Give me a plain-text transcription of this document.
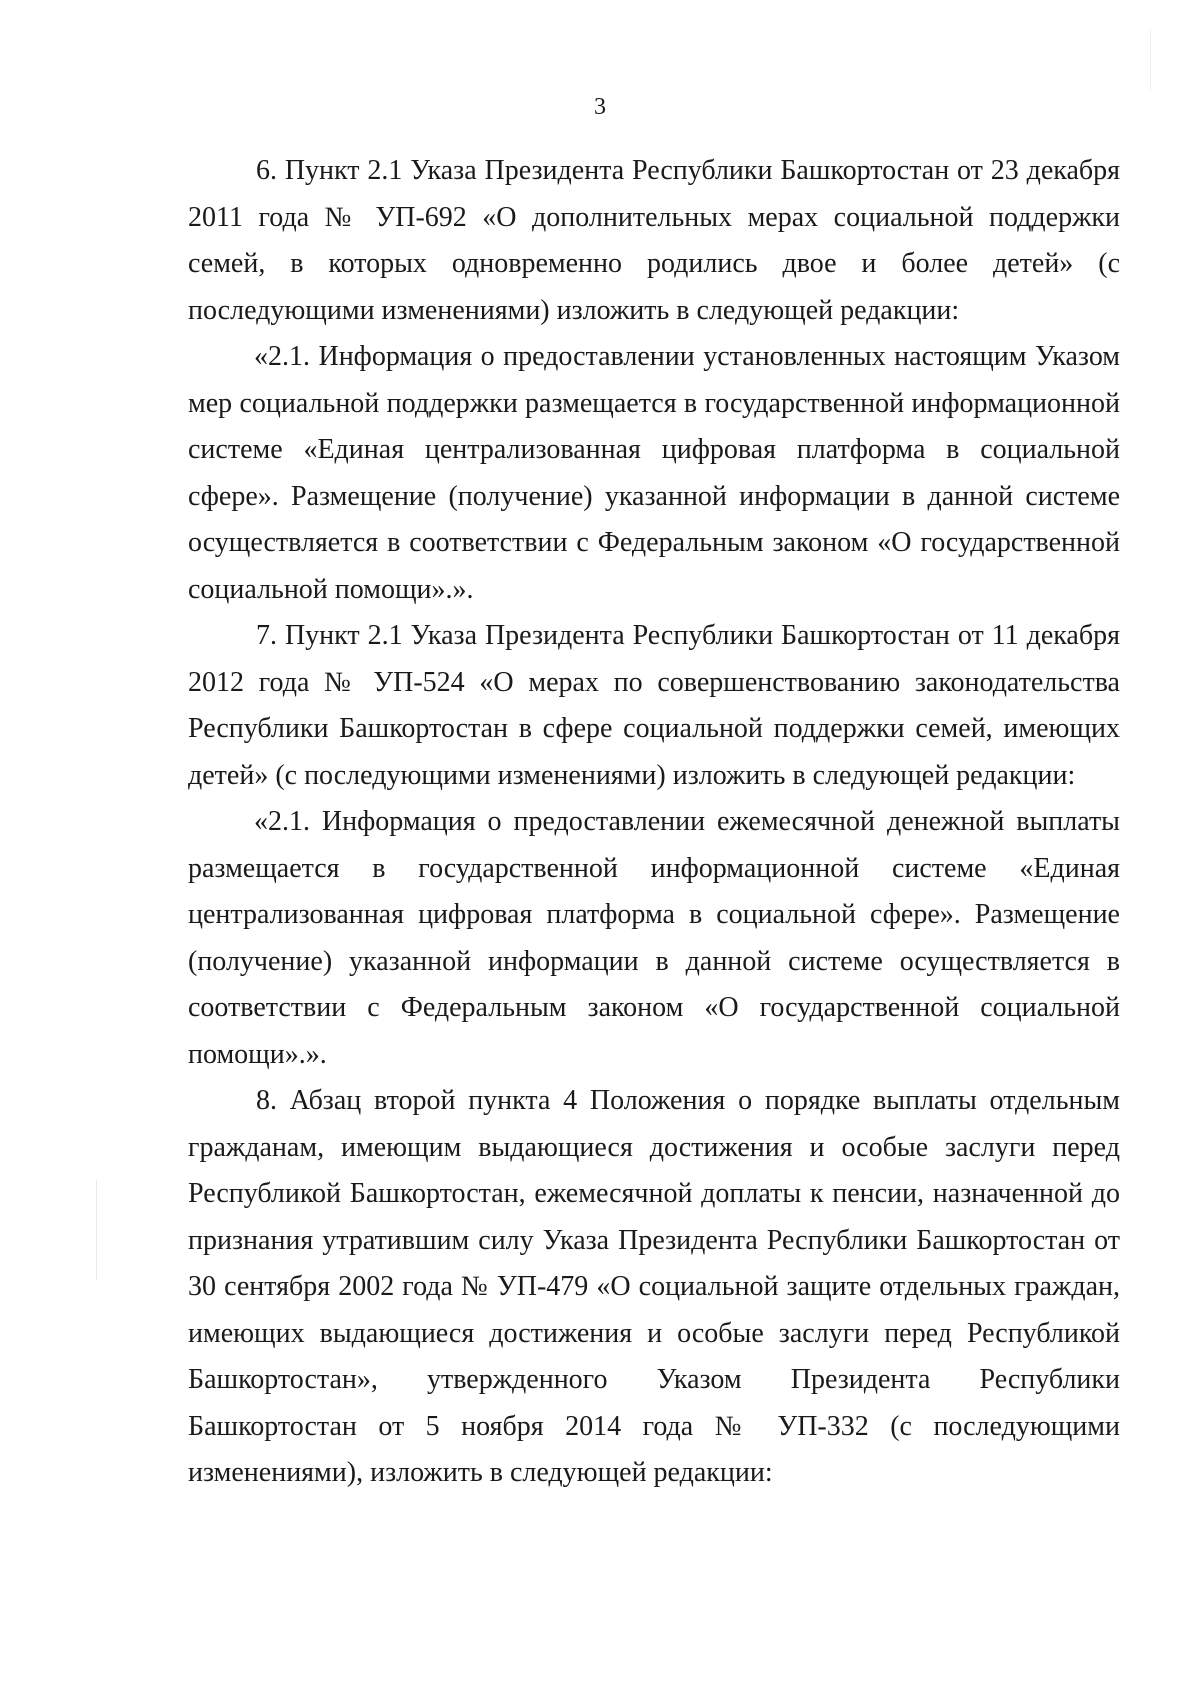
3

6. Пункт 2.1 Указа Президента Республики Башкортостан от 23 декабря 2011 года № УП-692 «О дополнительных мерах социальной поддержки семей, в которых одновременно родились двое и более детей» (с последующими изменениями) изложить в следующей редакции:

«2.1. Информация о предоставлении установленных настоящим Указом мер социальной поддержки размещается в государственной информационной системе «Единая централизованная цифровая платформа в социальной сфере». Размещение (получение) указанной информации в данной системе осуществляется в соответствии с Федеральным законом «О государственной социальной помощи».».

7. Пункт 2.1 Указа Президента Республики Башкортостан от 11 декабря 2012 года № УП-524 «О мерах по совершенствованию законодательства Республики Башкортостан в сфере социальной поддержки семей, имеющих детей» (с последующими изменениями) изложить в следующей редакции:

«2.1. Информация о предоставлении ежемесячной денежной выплаты размещается в государственной информационной системе «Единая централизованная цифровая платформа в социальной сфере». Размещение (получение) указанной информации в данной системе осуществляется в соответствии с Федеральным законом «О государственной социальной помощи».».

8. Абзац второй пункта 4 Положения о порядке выплаты отдельным гражданам, имеющим выдающиеся достижения и особые заслуги перед Республикой Башкортостан, ежемесячной доплаты к пенсии, назначенной до признания утратившим силу Указа Президента Республики Башкортостан от 30 сентября 2002 года № УП-479 «О социальной защите отдельных граждан, имеющих выдающиеся достижения и особые заслуги перед Республикой Башкортостан», утвержденного Указом Президента Республики Башкортостан от 5 ноября 2014 года № УП-332 (с последующими изменениями), изложить в следующей редакции:
